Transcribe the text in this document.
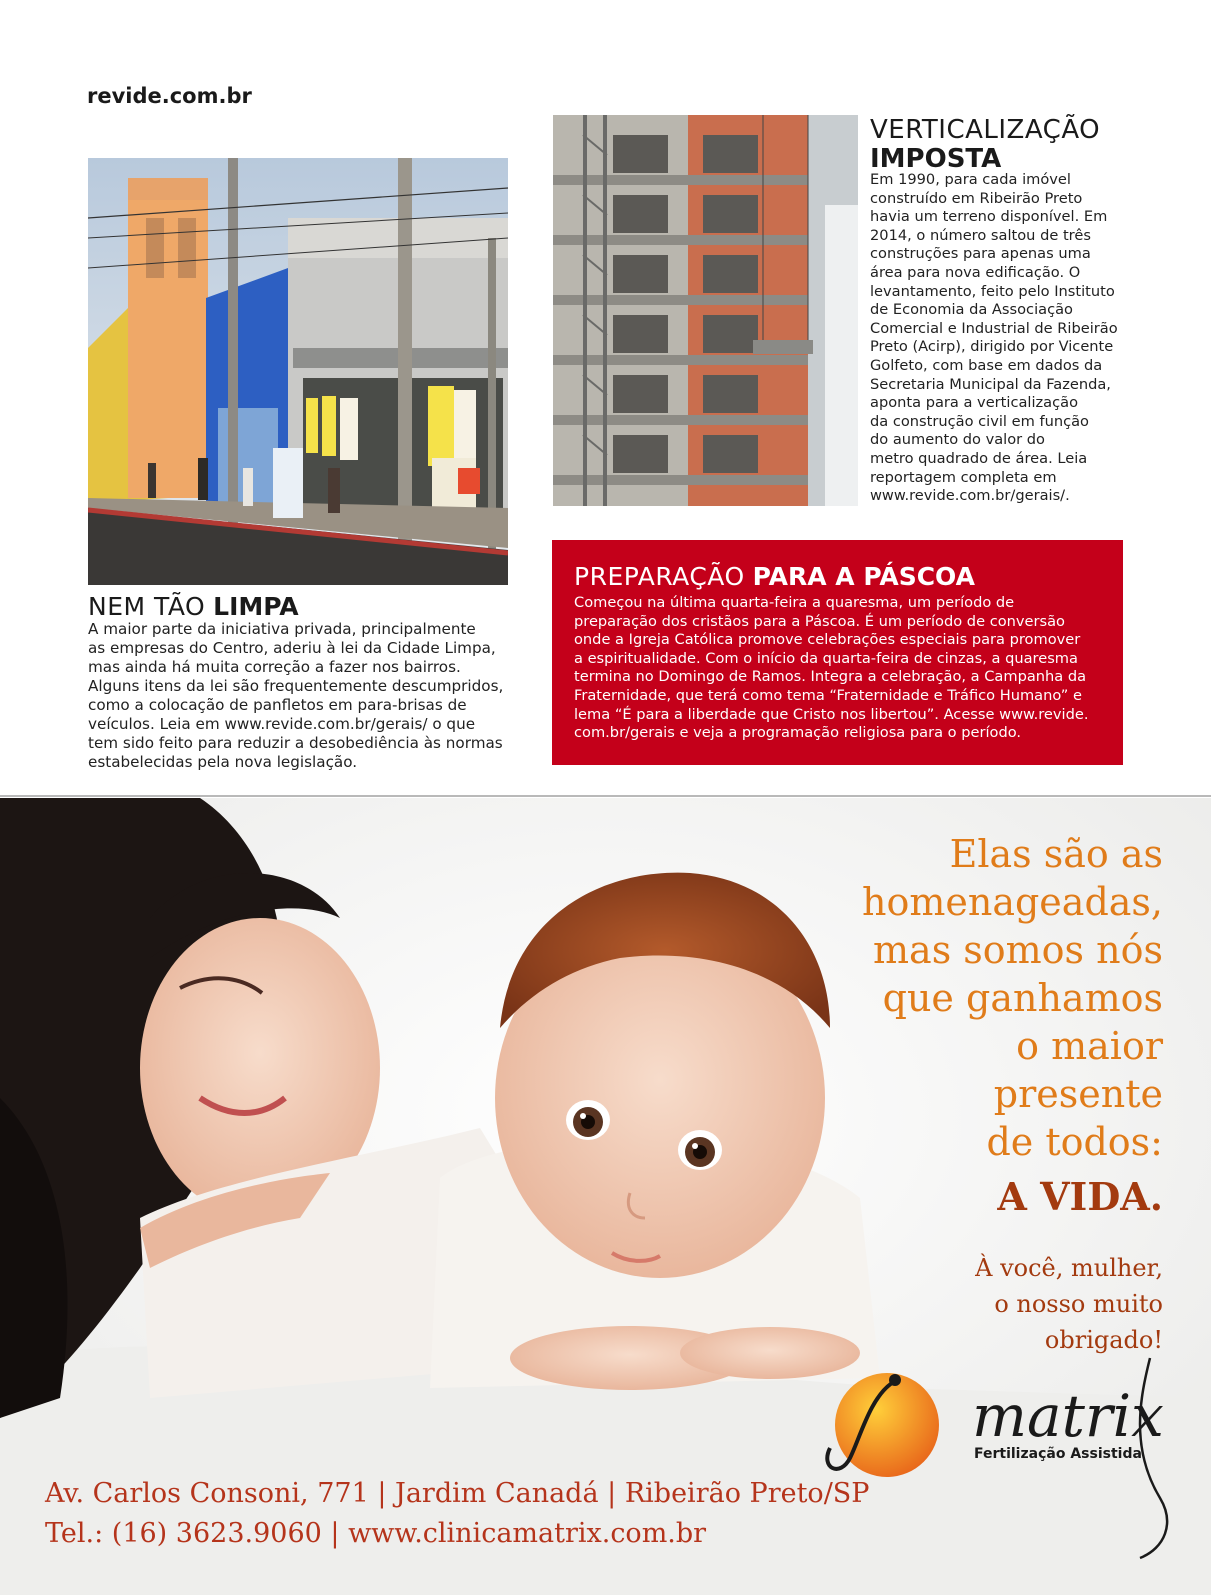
revide.com.br
NEM TÃO LIMPA
A maior parte da iniciativa privada, principalmente
as empresas do Centro, aderiu à lei da Cidade Limpa,
mas ainda há muita correção a fazer nos bairros.
Alguns itens da lei são frequentemente descumpridos,
como a colocação de panfletos em para-brisas de
veículos. Leia em www.revide.com.br/gerais/ o que
tem sido feito para reduzir a desobediência às normas
estabelecidas pela nova legislação.
VERTICALIZAÇÃO
IMPOSTA
Em 1990, para cada imóvel
construído em Ribeirão Preto
havia um terreno disponível. Em
2014, o número saltou de três
construções para apenas uma
área para nova edificação. O
levantamento, feito pelo Instituto
de Economia da Associação
Comercial e Industrial de Ribeirão
Preto (Acirp), dirigido por Vicente
Golfeto, com base em dados da
Secretaria Municipal da Fazenda,
aponta para a verticalização
da construção civil em função
do aumento do valor do
metro quadrado de área. Leia
reportagem completa em
www.revide.com.br/gerais/.
PREPARAÇÃO PARA A PÁSCOA
Começou na última quarta-feira a quaresma, um período de
preparação dos cristãos para a Páscoa. É um período de conversão
onde a Igreja Católica promove celebrações especiais para promover
a espiritualidade. Com o início da quarta-feira de cinzas, a quaresma
termina no Domingo de Ramos. Integra a celebração, a Campanha da
Fraternidade, que terá como tema “Fraternidade e Tráfico Humano” e
lema “É para a liberdade que Cristo nos libertou”. Acesse www.revide.
com.br/gerais e veja a programação religiosa para o período.
Elas são as
homenageadas,
mas somos nós
que ganhamos
o maior
presente
de todos:
A VIDA.
À você, mulher,
o nosso muito
obrigado!
matrix
Fertilização Assistida
Av. Carlos Consoni, 771 | Jardim Canadá | Ribeirão Preto/SP
Tel.: (16) 3623.9060 | www.clinicamatrix.com.br
